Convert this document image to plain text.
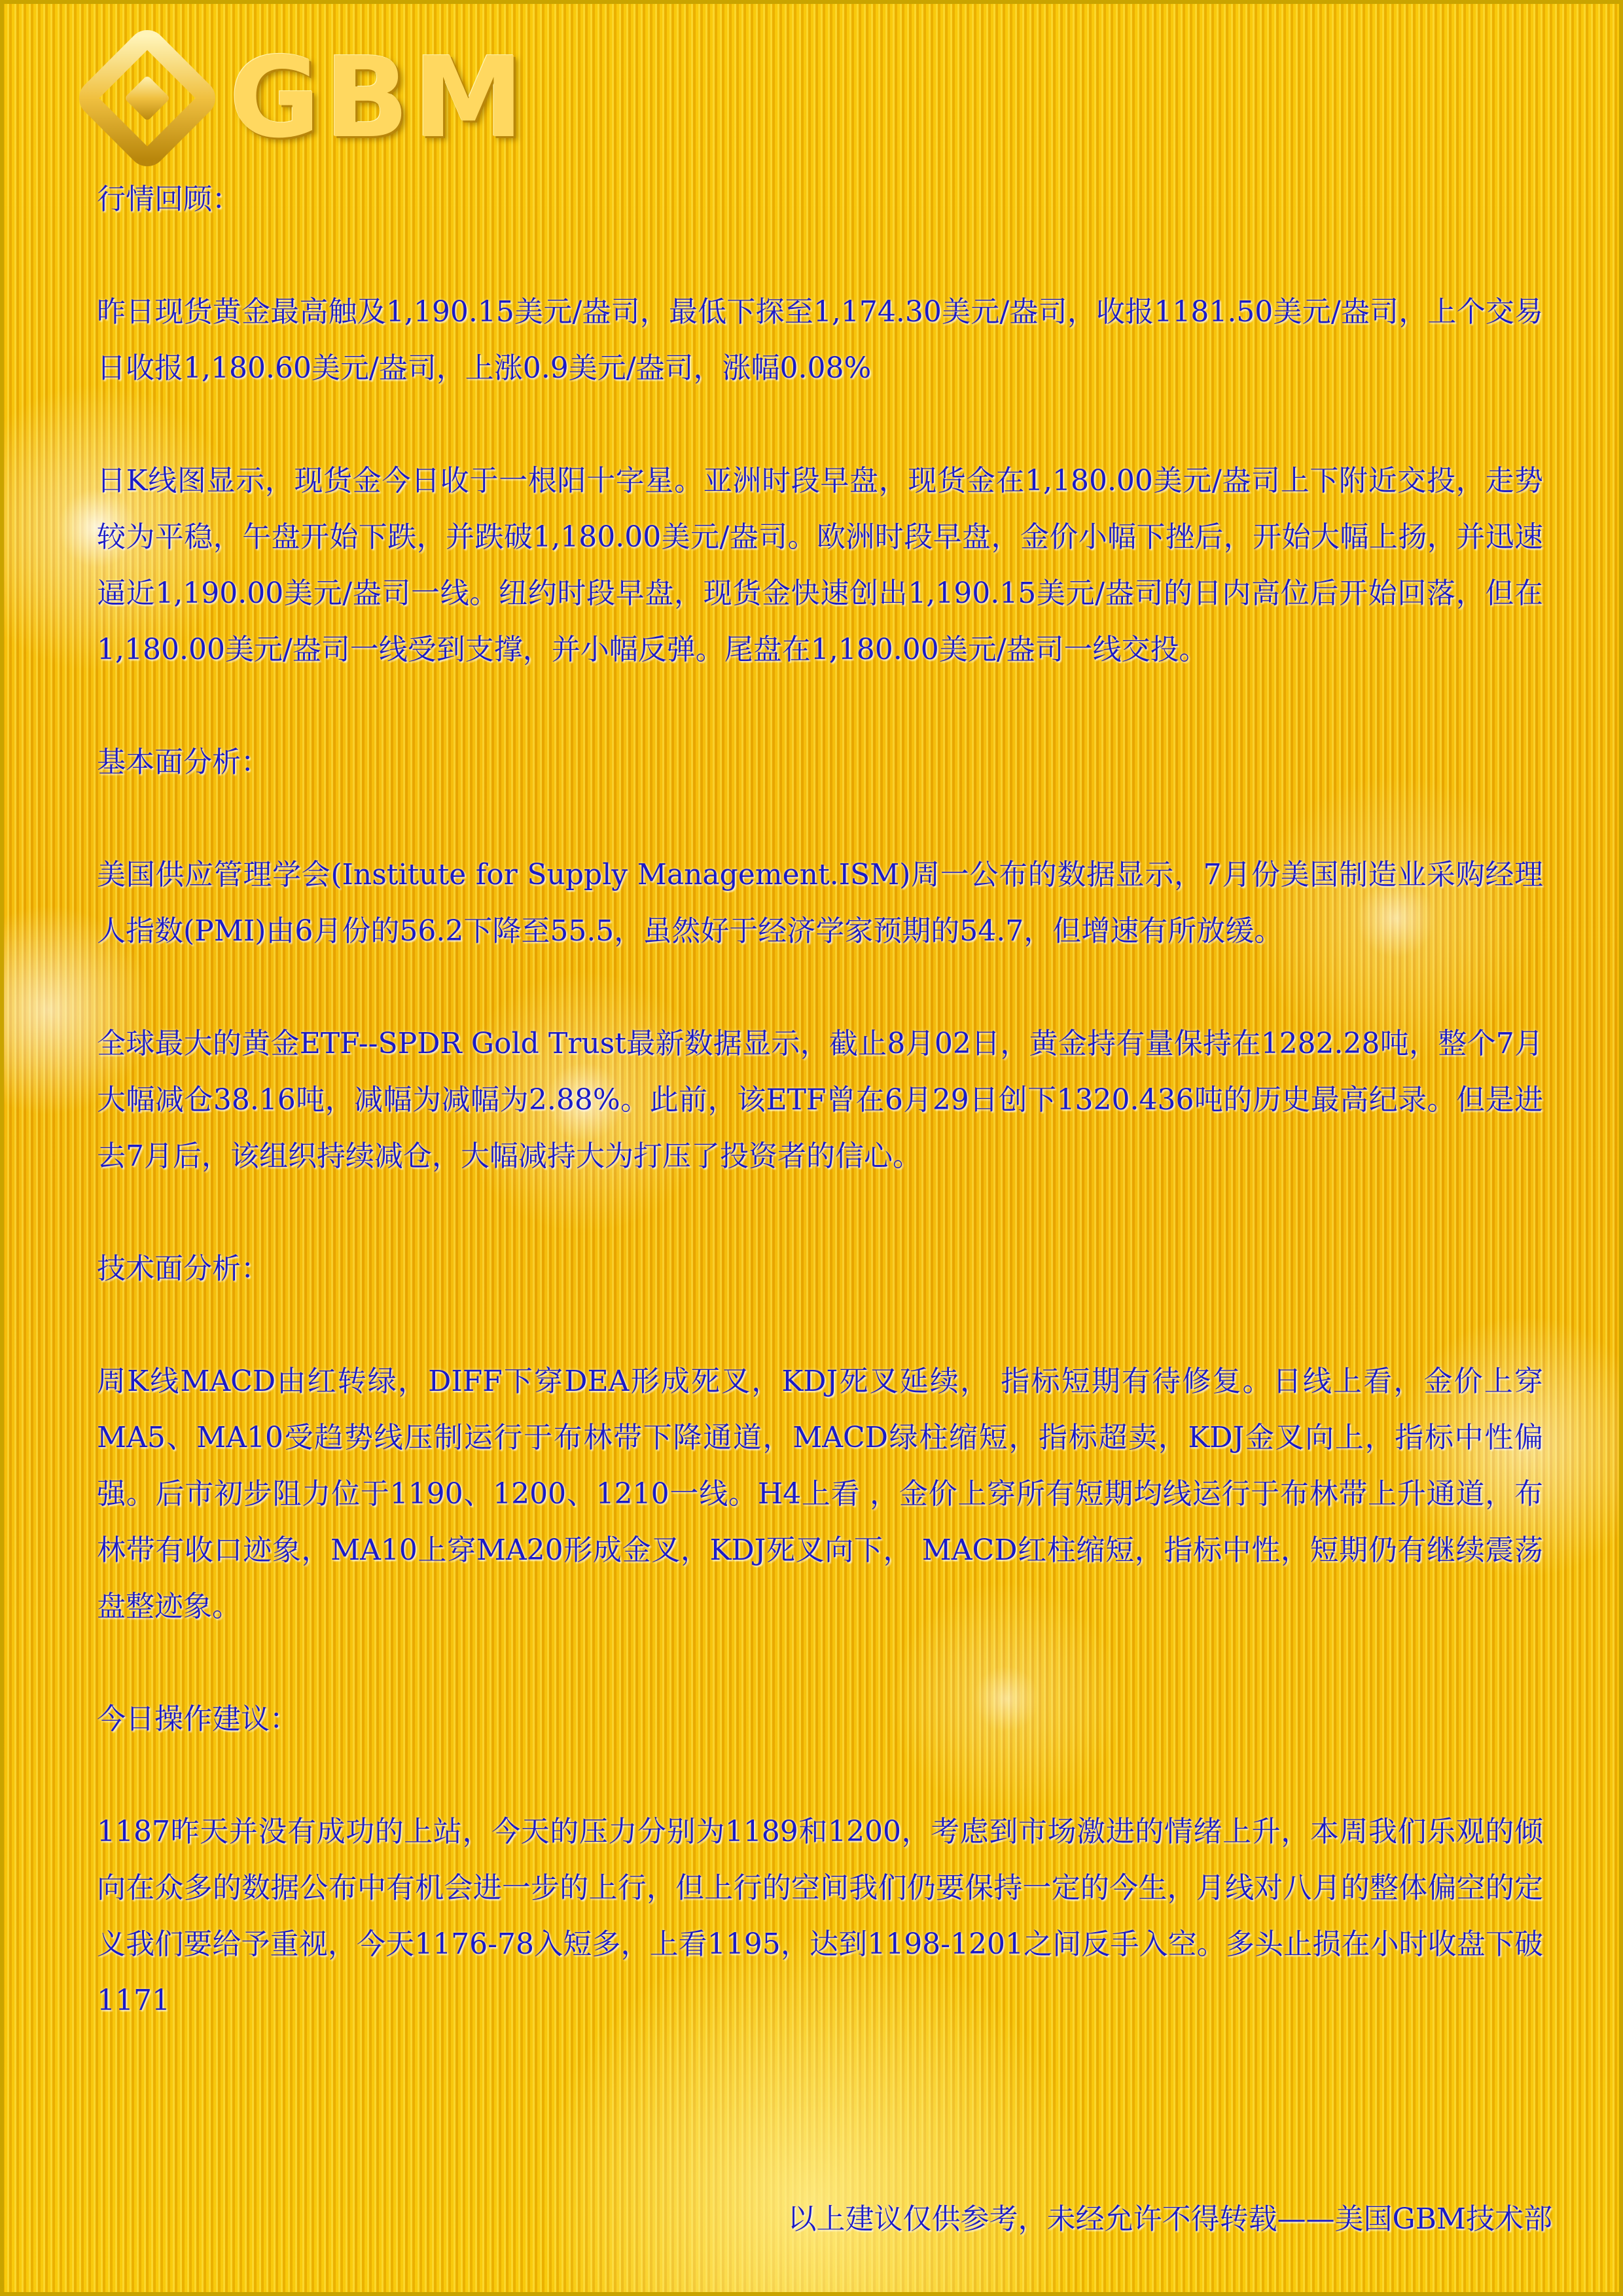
GBM
行情回顾：

昨日现货黄金最高触及1,190.15美元/盎司，最低下探至1,174.30美元/盎司，收报1181.50美元/盎司，上个交易日收报1,180.60美元/盎司，上涨0.9美元/盎司，涨幅0.08%

日K线图显示，现货金今日收于一根阳十字星。亚洲时段早盘，现货金在1,180.00美元/盎司上下附近交投，走势较为平稳，午盘开始下跌，并跌破1,180.00美元/盎司。欧洲时段早盘，金价小幅下挫后，开始大幅上扬，并迅速逼近1,190.00美元/盎司一线。纽约时段早盘，现货金快速创出1,190.15美元/盎司的日内高位后开始回落，但在1,180.00美元/盎司一线受到支撑，并小幅反弹。尾盘在1,180.00美元/盎司一线交投。

基本面分析：

美国供应管理学会(Institute for Supply Management.ISM)周一公布的数据显示，7月份美国制造业采购经理人指数(PMI)由6月份的56.2下降至55.5，虽然好于经济学家预期的54.7，但增速有所放缓。

全球最大的黄金ETF--SPDR Gold Trust最新数据显示，截止8月02日，黄金持有量保持在1282.28吨，整个7月大幅减仓38.16吨，减幅为减幅为2.88%。此前，该ETF曾在6月29日创下1320.436吨的历史最高纪录。但是进去7月后，该组织持续减仓，大幅减持大为打压了投资者的信心。

技术面分析：

周K线MACD由红转绿，DIFF下穿DEA形成死叉，KDJ死叉延续， 指标短期有待修复。日线上看，金价上穿MA5、MA10受趋势线压制运行于布林带下降通道，MACD绿柱缩短，指标超卖，KDJ金叉向上，指标中性偏强。后市初步阻力位于1190、1200、1210一线。H4上看 ，金价上穿所有短期均线运行于布林带上升通道，布林带有收口迹象，MA10上穿MA20形成金叉，KDJ死叉向下， MACD红柱缩短，指标中性，短期仍有继续震荡盘整迹象。

今日操作建议：

1187昨天并没有成功的上站，今天的压力分别为1189和1200，考虑到市场激进的情绪上升，本周我们乐观的倾向在众多的数据公布中有机会进一步的上行，但上行的空间我们仍要保持一定的今生，月线对八月的整体偏空的定义我们要给予重视，今天1176-78入短多，上看1195，达到1198-1201之间反手入空。多头止损在小时收盘下破1171

以上建议仅供参考，未经允许不得转载——美国GBM技术部
